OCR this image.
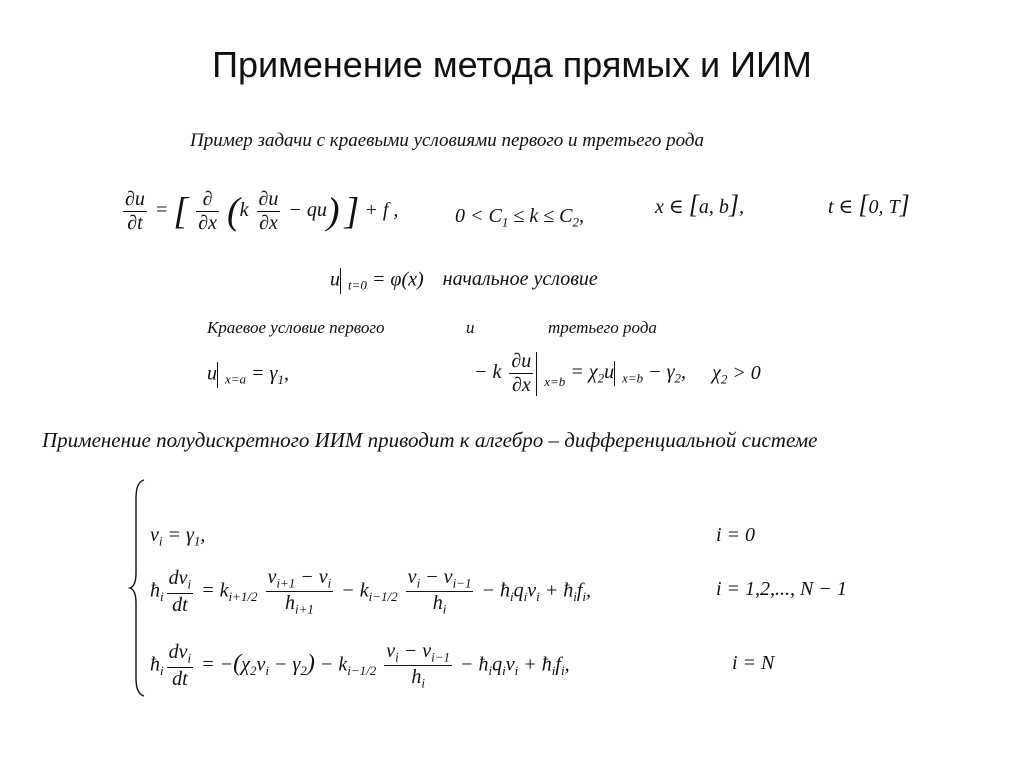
Применение метода прямых и ИИМ
Пример задачи с краевыми условиями первого и третьего рода
$\frac{\partial u}{\partial t}$ = [ $\frac{\partial}{\partial x} (k \frac{\partial u}{\partial x} - qu)$ ] + f ,	$0 < C_1 \le k \le C_2$,	x ∈ [a, b],	t ∈ [0, T]
u $_{t=0}$ = φ(x) начальное условие
Краевое условие первого	и	третьего рода
u $_{x=a} = \gamma_1$,	− k $\frac{\partial u}{\partial x} _{x=b} = \chi_2u$ $_{x=b} - \gamma_2$, $\chi_2 > 0$
Применение полудискретного ИИМ приводит к алгебро – дифференциальной системе
$v_i = \gamma_1$,	i = 0
$ħ_i \frac{dv_i}{dt} = k_{i+1/2} \frac{v_{i+1} - v_i}{h_{i+1}} - k_{i-1/2} \frac{v_i - v_{i-1}}{h_i}$ − $ħ_iq_iv_i$ + $ħ_if_i$,	i = 1,2,..., N − 1
$ħ_i \frac{dv_i}{dt} = -(\chi_2v_i - \gamma_2) - k_{i-1/2} \frac{v_i - v_{i-1}}{h_i}$ − $ħ_iq_iv_i$ + $ħ_if_i$,	i = N
